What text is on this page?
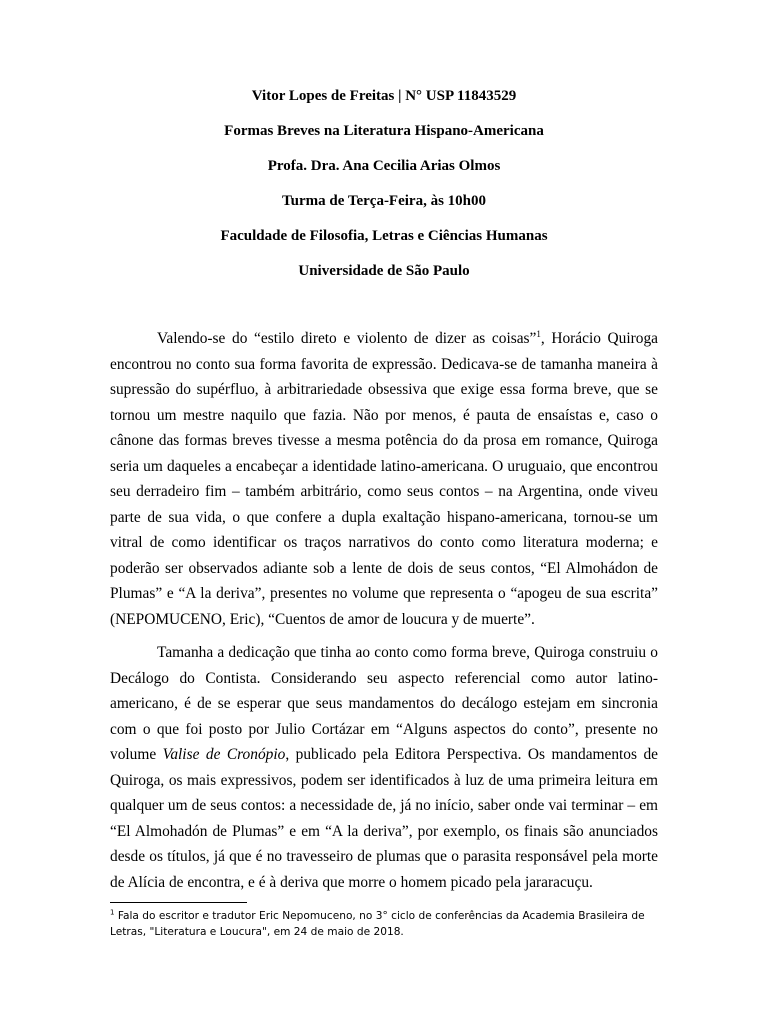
Vitor Lopes de Freitas | N° USP 11843529
Formas Breves na Literatura Hispano-Americana
Profa. Dra. Ana Cecilia Arias Olmos
Turma de Terça-Feira, às 10h00
Faculdade de Filosofia, Letras e Ciências Humanas
Universidade de São Paulo

Valendo-se do “estilo direto e violento de dizer as coisas”$^1$, Horácio Quiroga encontrou no conto sua forma favorita de expressão. Dedicava-se de tamanha maneira à supressão do supérfluo, à arbitrariedade obsessiva que exige essa forma breve, que se tornou um mestre naquilo que fazia. Não por menos, é pauta de ensaístas e, caso o cânone das formas breves tivesse a mesma potência do da prosa em romance, Quiroga seria um daqueles a encabeçar a identidade latino-americana. O uruguaio, que encontrou seu derradeiro fim – também arbitrário, como seus contos – na Argentina, onde viveu parte de sua vida, o que confere a dupla exaltação hispano-americana, tornou-se um vitral de como identificar os traços narrativos do conto como literatura moderna; e poderão ser observados adiante sob a lente de dois de seus contos, “El Almohádon de Plumas” e “A la deriva”, presentes no volume que representa o “apogeu de sua escrita” (NEPOMUCENO, Eric), “Cuentos de amor de loucura y de muerte”.

Tamanha a dedicação que tinha ao conto como forma breve, Quiroga construiu o Decálogo do Contista. Considerando seu aspecto referencial como autor latino-americano, é de se esperar que seus mandamentos do decálogo estejam em sincronia com o que foi posto por Julio Cortázar em “Alguns aspectos do conto”, presente no volume Valise de Cronópio, publicado pela Editora Perspectiva. Os mandamentos de Quiroga, os mais expressivos, podem ser identificados à luz de uma primeira leitura em qualquer um de seus contos: a necessidade de, já no início, saber onde vai terminar – em “El Almohadón de Plumas” e em “A la deriva”, por exemplo, os finais são anunciados desde os títulos, já que é no travesseiro de plumas que o parasita responsável pela morte de Alícia de encontra, e é à deriva que morre o homem picado pela jararacuçu.

$^1$ Fala do escritor e tradutor Eric Nepomuceno, no 3° ciclo de conferências da Academia Brasileira de Letras, "Literatura e Loucura", em 24 de maio de 2018.
